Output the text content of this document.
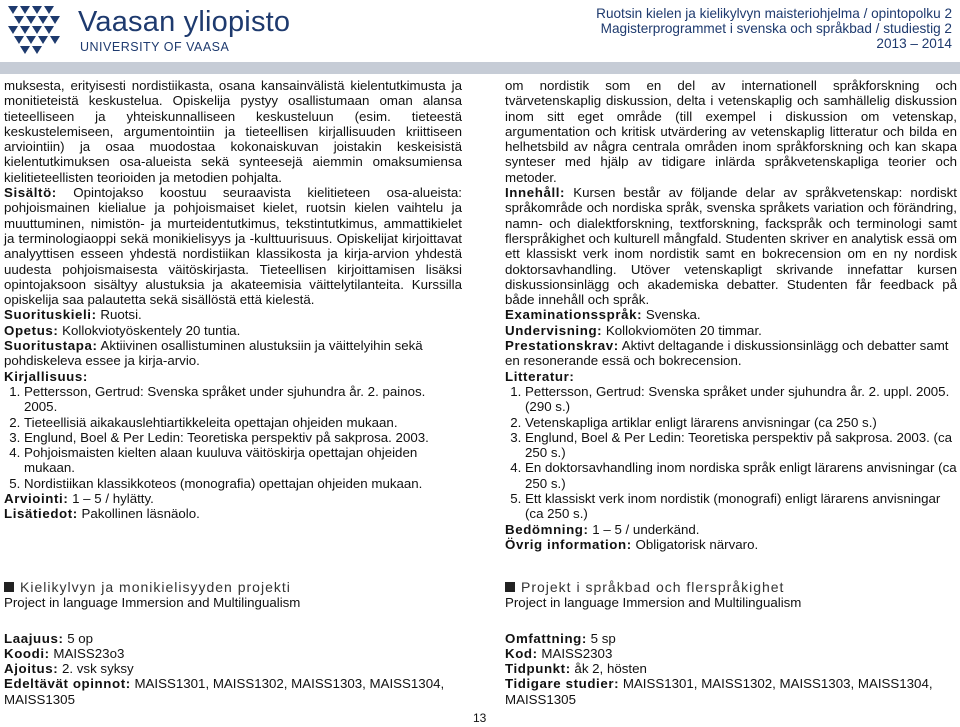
Vaasan yliopisto
UNIVERSITY OF VAASA
Ruotsin kielen ja kielikylvyn maisteriohjelma / opintopolku 2
Magisterprogrammet i svenska och språkbad / studiestig 2
2013 – 2014

muksesta, erityisesti nordistiikasta, osana kansainvälistä kielentutkimusta ja monitieteistä keskustelua. Opiskelija pystyy osallistumaan oman alansa tieteelliseen ja yhteiskunnalliseen keskusteluun (esim. tieteestä keskustelemiseen, argumentointiin ja tieteellisen kirjallisuuden kriittiseen arviointiin) ja osaa muodostaa kokonaiskuvan joistakin keskeisistä kielentutkimuksen osa-alueista sekä synteesejä aiemmin omaksumiensa kielitieteellisten teorioiden ja metodien pohjalta.

Sisältö: Opintojakso koostuu seuraavista kielitieteen osa-alueista: pohjoismainen kielialue ja pohjoismaiset kielet, ruotsin kielen vaihtelu ja muuttuminen, nimistön- ja murteidentutkimus, tekstintutkimus, ammattikielet ja terminologiaoppi sekä monikielisyys ja -kulttuurisuus. Opiskelijat kirjoittavat analyyttisen esseen yhdestä nordistiikan klassikosta ja kirja-arvion yhdestä uudesta pohjoismaisesta väitöskirjasta. Tieteellisen kirjoittamisen lisäksi opintojaksoon sisältyy alustuksia ja akateemisia väittelytilanteita. Kurssilla opiskelija saa palautetta sekä sisällöstä että kielestä.

Suorituskieli: Ruotsi.
Opetus: Kollokviotyöskentely 20 tuntia.
Suoritustapa: Aktiivinen osallistuminen alustuksiin ja väittelyihin sekä pohdiskeleva essee ja kirja-arvio.
Kirjallisuus:
1. Pettersson, Gertrud: Svenska språket under sjuhundra år. 2. painos. 2005.
2. Tieteellisiä aikakauslehtiartikkeleita opettajan ohjeiden mukaan.
3. Englund, Boel & Per Ledin: Teoretiska perspektiv på sakprosa. 2003.
4. Pohjoismaisten kielten alaan kuuluva väitöskirja opettajan ohjeiden mukaan.
5. Nordistiikan klassikkoteos (monografia) opettajan ohjeiden mukaan.
Arviointi: 1 – 5 / hylätty.
Lisätiedot: Pakollinen läsnäolo.

om nordistik som en del av internationell språkforskning och tvärvetenskaplig diskussion, delta i vetenskaplig och samhällelig diskussion inom sitt eget område (till exempel i diskussion om vetenskap, argumentation och kritisk utvärdering av vetenskaplig litteratur och bilda en helhetsbild av några centrala områden inom språkforskning och kan skapa synteser med hjälp av tidigare inlärda språkvetenskapliga teorier och metoder.

Innehåll: Kursen består av följande delar av språkvetenskap: nordiskt språkområde och nordiska språk, svenska språkets variation och förändring, namn- och dialektforskning, textforskning, fackspråk och terminologi samt flerspråkighet och kulturell mångfald. Studenten skriver en analytisk essä om ett klassiskt verk inom nordistik samt en bokrecension om en ny nordisk doktorsavhandling. Utöver vetenskapligt skrivande innefattar kursen diskussionsinlägg och akademiska debatter. Studenten får feedback på både innehåll och språk.

Examinationsspråk: Svenska.
Undervisning: Kollokviomöten 20 timmar.
Prestationskrav: Aktivt deltagande i diskussionsinlägg och debatter samt en resonerande essä och bokrecension.
Litteratur:
1. Pettersson, Gertrud: Svenska språket under sjuhundra år. 2. uppl. 2005. (290 s.)
2. Vetenskapliga artiklar enligt lärarens anvisningar (ca 250 s.)
3. Englund, Boel & Per Ledin: Teoretiska perspektiv på sakprosa. 2003. (ca 250 s.)
4. En doktorsavhandling inom nordiska språk enligt lärarens anvisningar (ca 250 s.)
5. Ett klassiskt verk inom nordistik (monografi) enligt lärarens anvisningar (ca 250 s.)
Bedömning: 1 – 5 / underkänd.
Övrig information: Obligatorisk närvaro.
Kielikylvyn ja monikielisyyden projekti
Project in language Immersion and Multilingualism
Laajuus: 5 op
Koodi: MAISS23o3
Ajoitus: 2. vsk syksy
Edeltävät opinnot: MAISS1301, MAISS1302, MAISS1303, MAISS1304, MAISS1305
Projekt i språkbad och flerspråkighet
Project in language Immersion and Multilingualism
Omfattning: 5 sp
Kod: MAISS2303
Tidpunkt: åk 2, hösten
Tidigare studier: MAISS1301, MAISS1302, MAISS1303, MAISS1304, MAISS1305
13
